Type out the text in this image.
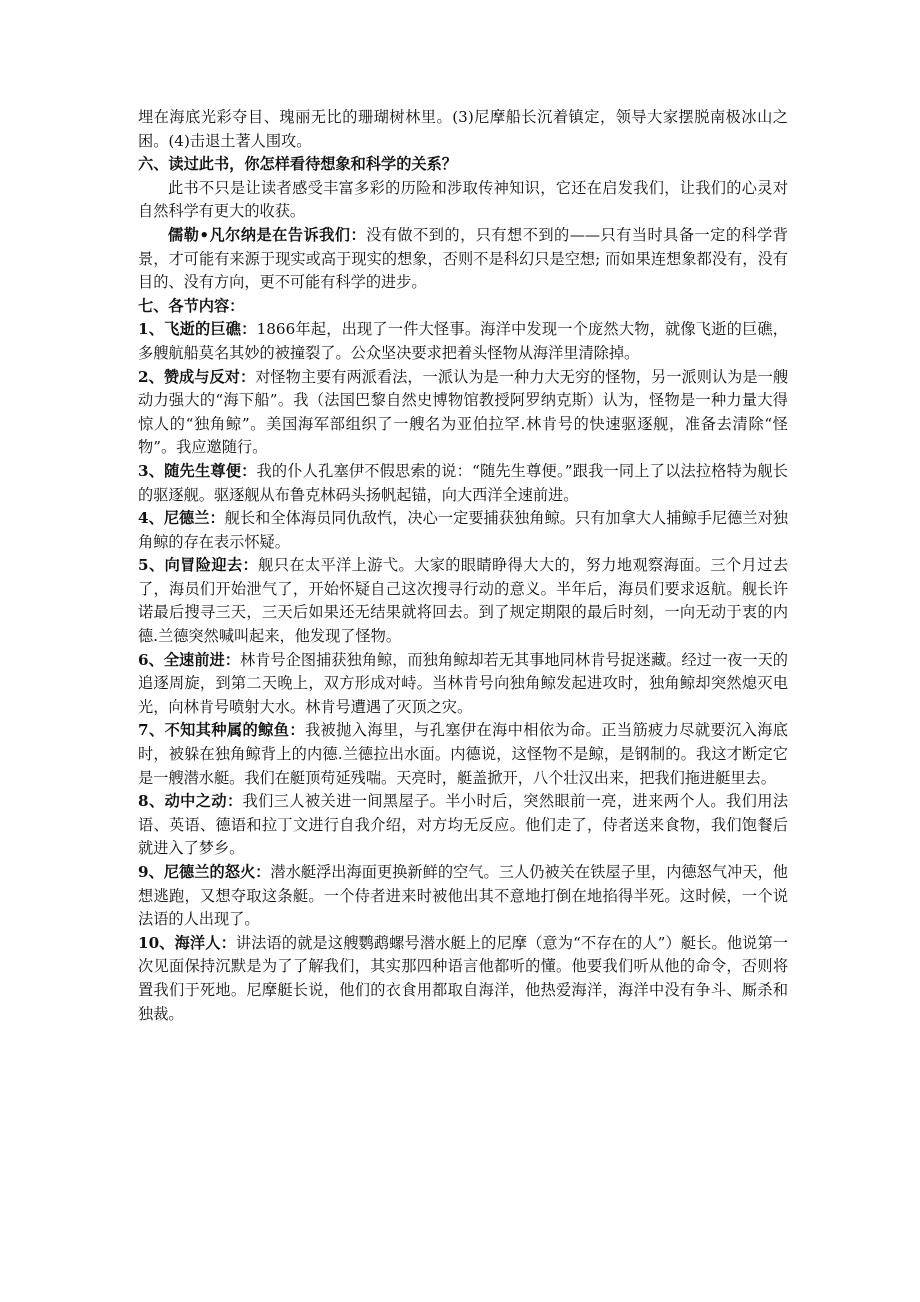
埋在海底光彩夺目、瑰丽无比的珊瑚树林里。(3)尼摩船长沉着镇定，领导大家摆脱南极冰山之困。(4)击退土著人围攻。

六、读过此书，你怎样看待想象和科学的关系？

此书不只是让读者感受丰富多彩的历险和涉取传神知识，它还在启发我们，让我们的心灵对自然科学有更大的收获。

儒勒•凡尔纳是在告诉我们：没有做不到的，只有想不到的——只有当时具备一定的科学背景，才可能有来源于现实或高于现实的想象，否则不是科幻只是空想; 而如果连想象都没有，没有目的、没有方向，更不可能有科学的进步。

七、各节内容：

1、飞逝的巨礁：1866年起，出现了一件大怪事。海洋中发现一个庞然大物，就像飞逝的巨礁，多艘航船莫名其妙的被撞裂了。公众坚决要求把着头怪物从海洋里清除掉。

2、赞成与反对：对怪物主要有两派看法，一派认为是一种力大无穷的怪物，另一派则认为是一艘动力强大的“海下船”。我（法国巴黎自然史博物馆教授阿罗纳克斯）认为，怪物是一种力量大得惊人的“独角鲸”。美国海军部组织了一艘名为亚伯拉罕.林肯号的快速驱逐舰，准备去清除“怪物”。我应邀随行。

3、随先生尊便：我的仆人孔塞伊不假思索的说：“随先生尊便。”跟我一同上了以法拉格特为舰长的驱逐舰。驱逐舰从布鲁克林码头扬帆起锚，向大西洋全速前进。

4、尼德兰：舰长和全体海员同仇敌忾，决心一定要捕获独角鲸。只有加拿大人捕鲸手尼德兰对独角鲸的存在表示怀疑。

5、向冒险迎去：舰只在太平洋上游弋。大家的眼睛睁得大大的，努力地观察海面。三个月过去了，海员们开始泄气了，开始怀疑自己这次搜寻行动的意义。半年后，海员们要求返航。舰长许诺最后搜寻三天，三天后如果还无结果就将回去。到了规定期限的最后时刻，一向无动于衷的内德.兰德突然喊叫起来，他发现了怪物。

6、全速前进：林肯号企图捕获独角鲸，而独角鲸却若无其事地同林肯号捉迷藏。经过一夜一天的追逐周旋，到第二天晚上，双方形成对峙。当林肯号向独角鲸发起进攻时，独角鲸却突然熄灭电光，向林肯号喷射大水。林肯号遭遇了灭顶之灾。

7、不知其种属的鲸鱼：我被抛入海里，与孔塞伊在海中相依为命。正当筋疲力尽就要沉入海底时，被躲在独角鲸背上的内德.兰德拉出水面。内德说，这怪物不是鲸，是钢制的。我这才断定它是一艘潜水艇。我们在艇顶苟延残喘。天亮时，艇盖掀开，八个壮汉出来，把我们拖进艇里去。

8、动中之动：我们三人被关进一间黑屋子。半小时后，突然眼前一亮，进来两个人。我们用法语、英语、德语和拉丁文进行自我介绍，对方均无反应。他们走了，侍者送来食物，我们饱餐后就进入了梦乡。

9、尼德兰的怒火：潜水艇浮出海面更换新鲜的空气。三人仍被关在铁屋子里，内德怒气冲天，他想逃跑，又想夺取这条艇。一个侍者进来时被他出其不意地打倒在地掐得半死。这时候，一个说法语的人出现了。

10、海洋人：讲法语的就是这艘鹦鹉螺号潜水艇上的尼摩（意为“不存在的人”）艇长。他说第一次见面保持沉默是为了了解我们，其实那四种语言他都听的懂。他要我们听从他的命令，否则将置我们于死地。尼摩艇长说，他们的衣食用都取自海洋，他热爱海洋，海洋中没有争斗、厮杀和独裁。
